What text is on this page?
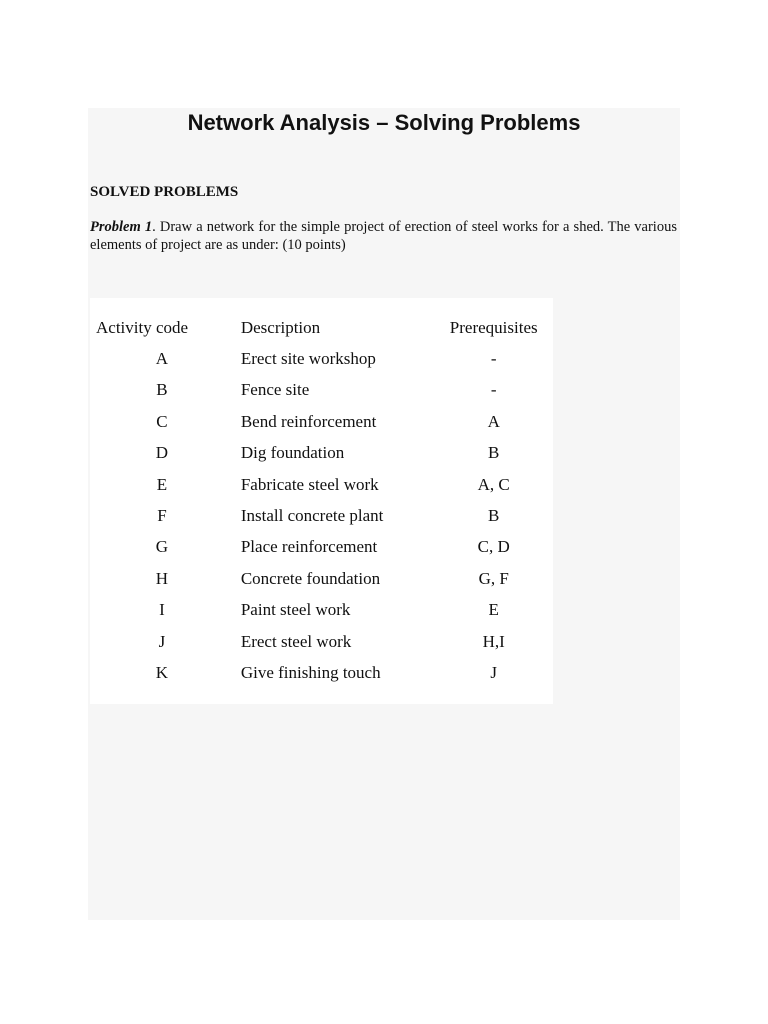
Network Analysis – Solving Problems
SOLVED PROBLEMS
Problem 1. Draw a network for the simple project of erection of steel works for a shed. The various elements of project are as under: (10 points)
Activity code	Description	Prerequisites
A	Erect site workshop	-
B	Fence site	-
C	Bend reinforcement	A
D	Dig foundation	B
E	Fabricate steel work	A, C
F	Install concrete plant	B
G	Place reinforcement	C, D
H	Concrete foundation	G, F
I	Paint steel work	E
J	Erect steel work	H,I
K	Give finishing touch	J
